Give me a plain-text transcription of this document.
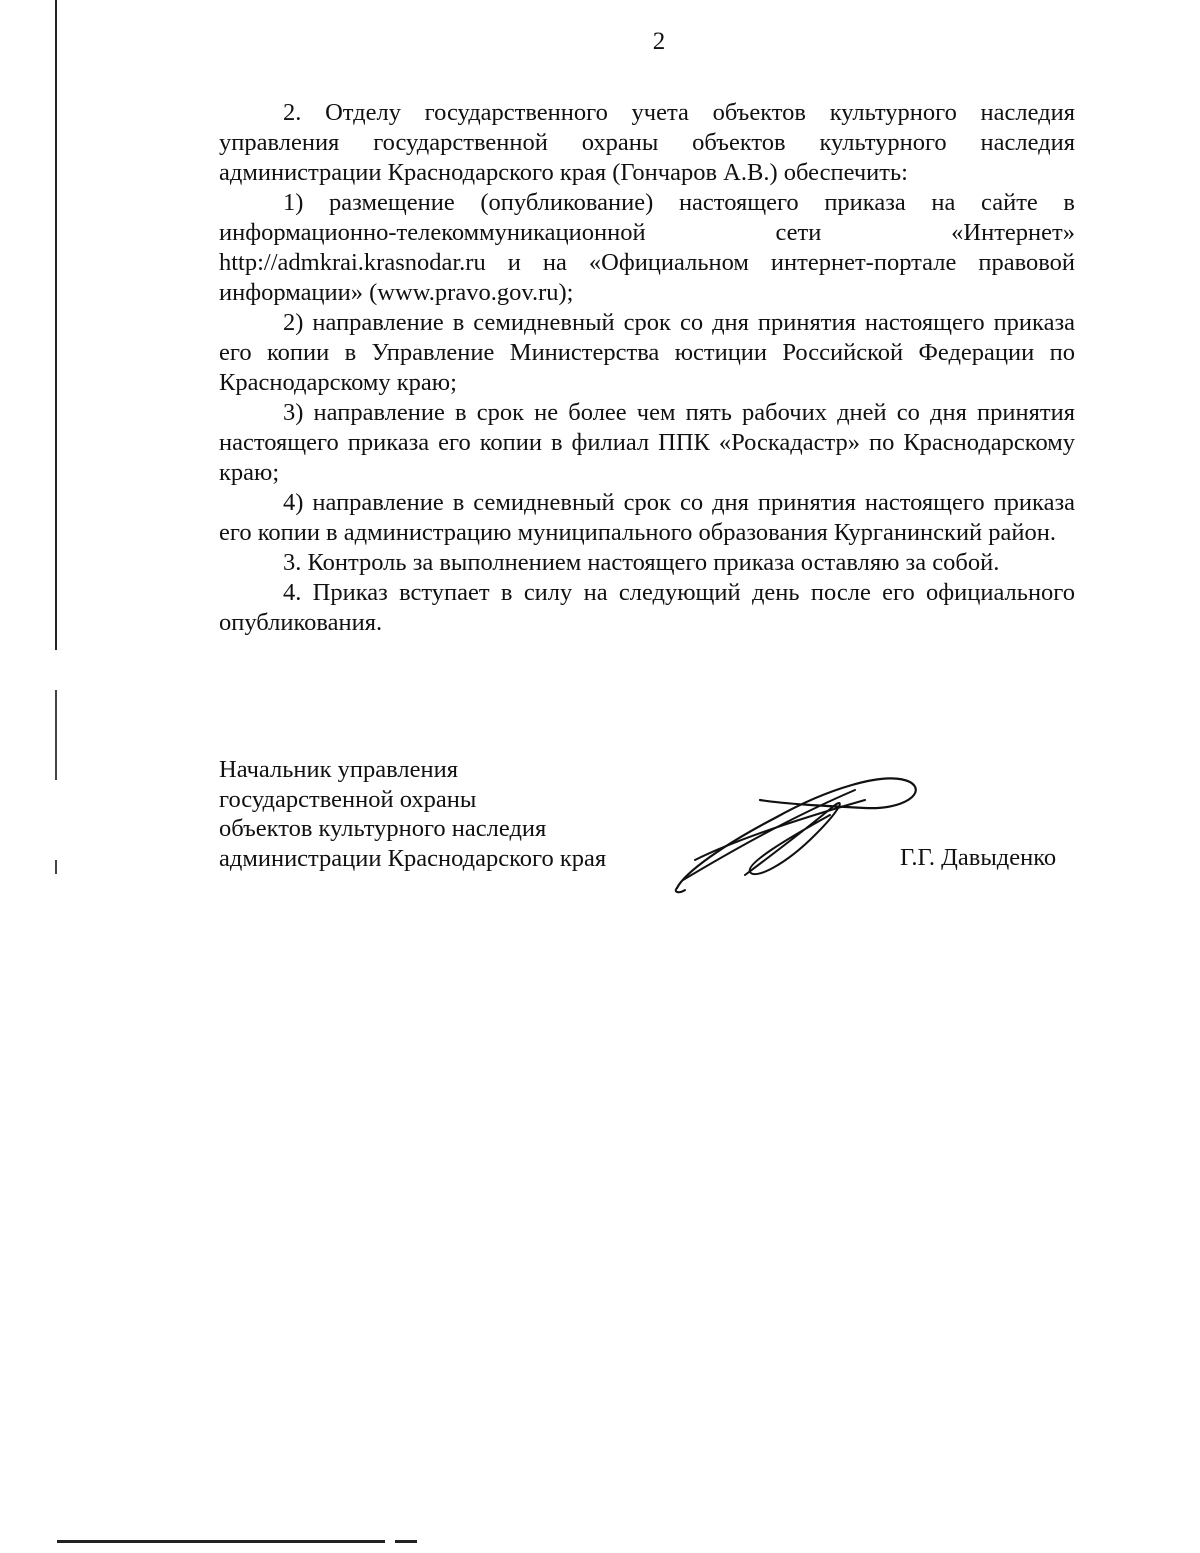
2

2. Отделу государственного учета объектов культурного наследия управления государственной охраны объектов культурного наследия администрации Краснодарского края (Гончаров А.В.) обеспечить:

1) размещение (опубликование) настоящего приказа на сайте в информационно-телекоммуникационной сети «Интернет» http://admkrai.krasnodar.ru и на «Официальном интернет-портале правовой информации» (www.pravo.gov.ru);

2) направление в семидневный срок со дня принятия настоящего приказа его копии в Управление Министерства юстиции Российской Федерации по Краснодарскому краю;

3) направление в срок не более чем пять рабочих дней со дня принятия настоящего приказа его копии в филиал ППК «Роскадастр» по Краснодарскому краю;

4) направление в семидневный срок со дня принятия настоящего приказа его копии в администрацию муниципального образования Курганинский район.

3. Контроль за выполнением настоящего приказа оставляю за собой.

4. Приказ вступает в силу на следующий день после его официального опубликования.

Начальник управления
государственной охраны
объектов культурного наследия
администрации Краснодарского края	Г.Г. Давыденко
